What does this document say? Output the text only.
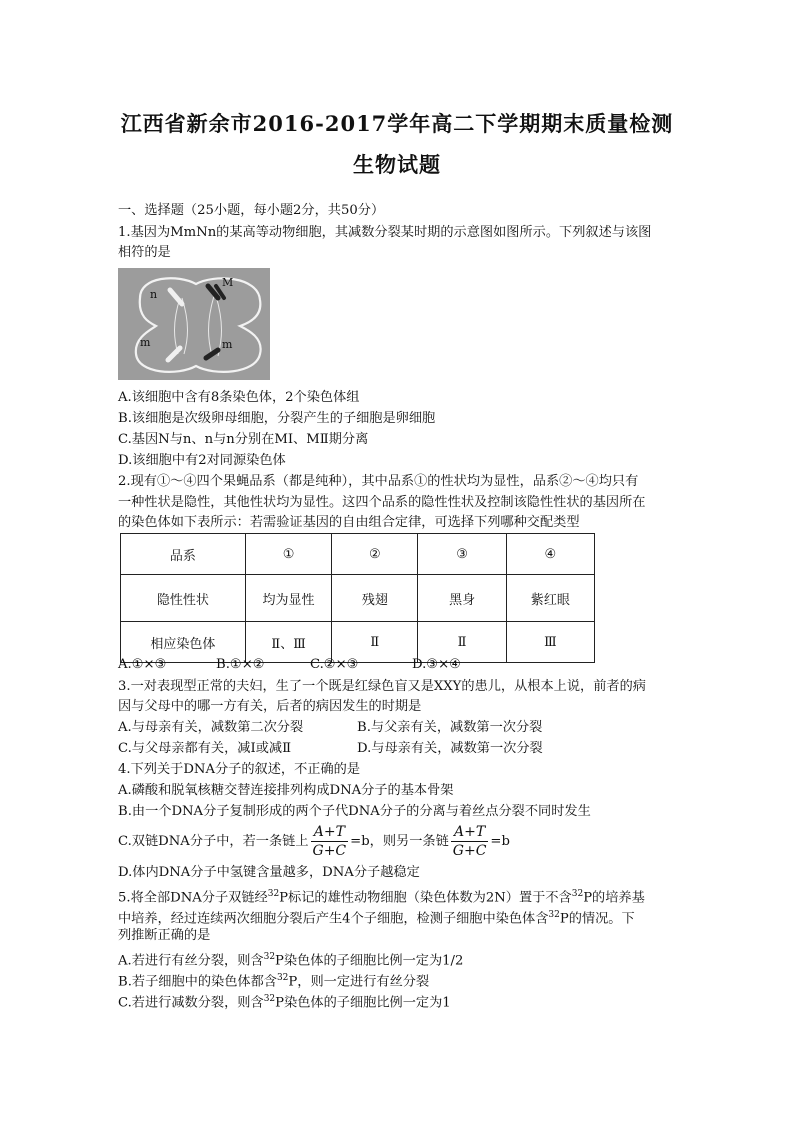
江西省新余市2016-2017学年高二下学期期末质量检测
生物试题
一、选择题（25小题，每小题2分，共50分）
1.基因为MmNn的某高等动物细胞，其减数分裂某时期的示意图如图所示。下列叙述与该图
相符的是
n
M
m	m
A.该细胞中含有8条染色体，2个染色体组
B.该细胞是次级卵母细胞，分裂产生的子细胞是卵细胞
C.基因N与n、n与n分别在MⅠ、MⅡ期分离
D.该细胞中有2对同源染色体
2.现有①～④四个果蝇品系（都是纯种），其中品系①的性状均为显性，品系②～④均只有
一种性状是隐性，其他性状均为显性。这四个品系的隐性性状及控制该隐性性状的基因所在
的染色体如下表所示：若需验证基因的自由组合定律，可选择下列哪种交配类型
品系	①	②	③	④
隐性性状	均为显性	残翅	黑身	紫红眼
相应染色体	Ⅱ、Ⅲ	Ⅱ	Ⅱ	Ⅲ
A.①×③	B.①×②	C.②×③	D.③×④
3.一对表现型正常的夫妇，生了一个既是红绿色盲又是XXY的患儿，从根本上说，前者的病
因与父母中的哪一方有关，后者的病因发生的时期是
A.与母亲有关，减数第二次分裂	B.与父亲有关，减数第一次分裂
C.与父母亲都有关，减Ⅰ或减Ⅱ	D.与母亲有关，减数第一次分裂
4.下列关于DNA分子的叙述，不正确的是
A.磷酸和脱氧核糖交替连接排列构成DNA分子的基本骨架
B.由一个DNA分子复制形成的两个子代DNA分子的分离与着丝点分裂不同时发生
C.双链DNA分子中，若一条链上 $\frac{A+T}{G+C} =b$，则另一条链 $\frac{A+T}{G+C} =b$
D.体内DNA分子中氢键含量越多，DNA分子越稳定
5.将全部DNA分子双链经$^{32}$P标记的雄性动物细胞（染色体数为2N）置于不含$^{32}$P的培养基
中培养，经过连续两次细胞分裂后产生4个子细胞，检测子细胞中染色体含$^{32}$P的情况。下
列推断正确的是
A.若进行有丝分裂，则含$^{32}$P染色体的子细胞比例一定为1/2
B.若子细胞中的染色体都含$^{32}$P，则一定进行有丝分裂
C.若进行减数分裂，则含$^{32}$P染色体的子细胞比例一定为1
